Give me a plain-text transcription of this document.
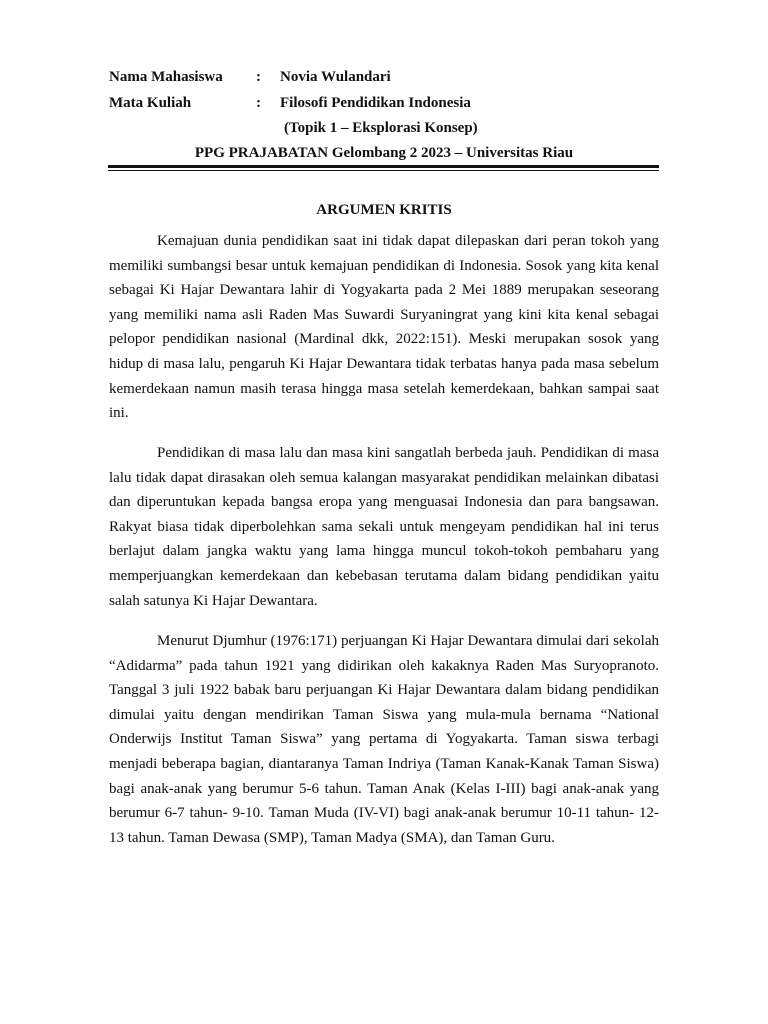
Nama Mahasiswa : Novia Wulandari
Mata Kuliah	: Filosofi Pendidikan Indonesia
(Topik 1 – Eksplorasi Konsep)
PPG PRAJABATAN Gelombang 2 2023 – Universitas Riau
ARGUMEN KRITIS

Kemajuan dunia pendidikan saat ini tidak dapat dilepaskan dari peran tokoh yang memiliki sumbangsi besar untuk kemajuan pendidikan di Indonesia. Sosok yang kita kenal sebagai Ki Hajar Dewantara lahir di Yogyakarta pada 2 Mei 1889 merupakan seseorang yang memiliki nama asli Raden Mas Suwardi Suryaningrat yang kini kita kenal sebagai pelopor pendidikan nasional (Mardinal dkk, 2022:151). Meski merupakan sosok yang hidup di masa lalu, pengaruh Ki Hajar Dewantara tidak terbatas hanya pada masa sebelum kemerdekaan namun masih terasa hingga masa setelah kemerdekaan, bahkan sampai saat ini.

Pendidikan di masa lalu dan masa kini sangatlah berbeda jauh. Pendidikan di masa lalu tidak dapat dirasakan oleh semua kalangan masyarakat pendidikan melainkan dibatasi dan diperuntukan kepada bangsa eropa yang menguasai Indonesia dan para bangsawan. Rakyat biasa tidak diperbolehkan sama sekali untuk mengeyam pendidikan hal ini terus berlajut dalam jangka waktu yang lama hingga muncul tokoh-tokoh pembaharu yang memperjuangkan kemerdekaan dan kebebasan terutama dalam bidang pendidikan yaitu salah satunya Ki Hajar Dewantara.

Menurut Djumhur (1976:171) perjuangan Ki Hajar Dewantara dimulai dari sekolah “Adidarma” pada tahun 1921 yang didirikan oleh kakaknya Raden Mas Suryopranoto. Tanggal 3 juli 1922 babak baru perjuangan Ki Hajar Dewantara dalam bidang pendidikan dimulai yaitu dengan mendirikan Taman Siswa yang mula-mula bernama “National Onderwijs Institut Taman Siswa” yang pertama di Yogyakarta. Taman siswa terbagi menjadi beberapa bagian, diantaranya Taman Indriya (Taman Kanak-Kanak Taman Siswa) bagi anak-anak yang berumur 5-6 tahun. Taman Anak (Kelas I-III) bagi anak-anak yang berumur 6-7 tahun- 9-10. Taman Muda (IV-VI) bagi anak-anak berumur 10-11 tahun- 12-13 tahun. Taman Dewasa (SMP), Taman Madya (SMA), dan Taman Guru.
